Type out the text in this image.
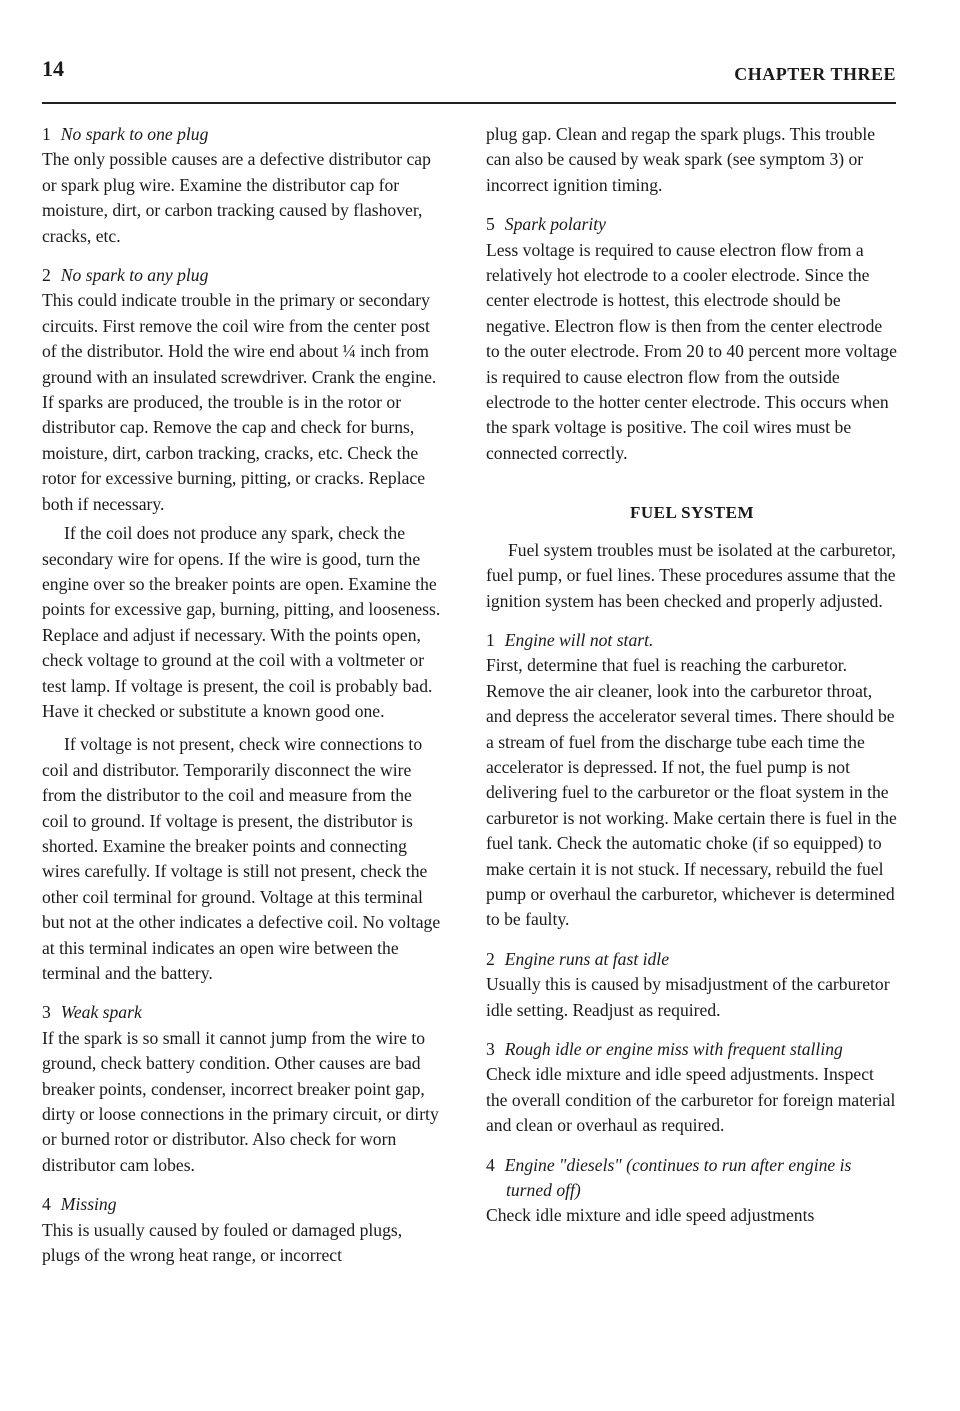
14	CHAPTER THREE
1 No spark to one plug

The only possible causes are a defective distributor cap or spark plug wire. Examine the distributor cap for moisture, dirt, or carbon tracking caused by flashover, cracks, etc.

2 No spark to any plug

This could indicate trouble in the primary or secondary circuits. First remove the coil wire from the center post of the distributor. Hold the wire end about ¼ inch from ground with an insulated screwdriver. Crank the engine. If sparks are produced, the trouble is in the rotor or distributor cap. Remove the cap and check for burns, moisture, dirt, carbon tracking, cracks, etc. Check the rotor for excessive burning, pitting, or cracks. Replace both if necessary.

If the coil does not produce any spark, check the secondary wire for opens. If the wire is good, turn the engine over so the breaker points are open. Examine the points for excessive gap, burning, pitting, and looseness. Replace and adjust if necessary. With the points open, check voltage to ground at the coil with a voltmeter or test lamp. If voltage is present, the coil is probably bad. Have it checked or substitute a known good one.

If voltage is not present, check wire connections to coil and distributor. Temporarily disconnect the wire from the distributor to the coil and measure from the coil to ground. If voltage is present, the distributor is shorted. Examine the breaker points and connecting wires carefully. If voltage is still not present, check the other coil terminal for ground. Voltage at this terminal but not at the other indicates a defective coil. No voltage at this terminal indicates an open wire between the terminal and the battery.

3 Weak spark

If the spark is so small it cannot jump from the wire to ground, check battery condition. Other causes are bad breaker points, condenser, incorrect breaker point gap, dirty or loose connections in the primary circuit, or dirty or burned rotor or distributor. Also check for worn distributor cam lobes.

4 Missing

This is usually caused by fouled or damaged plugs, plugs of the wrong heat range, or incorrect

plug gap. Clean and regap the spark plugs. This trouble can also be caused by weak spark (see symptom 3) or incorrect ignition timing.

5 Spark polarity

Less voltage is required to cause electron flow from a relatively hot electrode to a cooler electrode. Since the center electrode is hottest, this electrode should be negative. Electron flow is then from the center electrode to the outer electrode. From 20 to 40 percent more voltage is required to cause electron flow from the outside electrode to the hotter center electrode. This occurs when the spark voltage is positive. The coil wires must be connected correctly.

FUEL SYSTEM

Fuel system troubles must be isolated at the carburetor, fuel pump, or fuel lines. These procedures assume that the ignition system has been checked and properly adjusted.

1 Engine will not start.

First, determine that fuel is reaching the carburetor. Remove the air cleaner, look into the carburetor throat, and depress the accelerator several times. There should be a stream of fuel from the discharge tube each time the accelerator is depressed. If not, the fuel pump is not delivering fuel to the carburetor or the float system in the carburetor is not working. Make certain there is fuel in the fuel tank. Check the automatic choke (if so equipped) to make certain it is not stuck. If necessary, rebuild the fuel pump or overhaul the carburetor, whichever is determined to be faulty.

2 Engine runs at fast idle

Usually this is caused by misadjustment of the carburetor idle setting. Readjust as required.

3 Rough idle or engine miss with frequent stalling

Check idle mixture and idle speed adjustments. Inspect the overall condition of the carburetor for foreign material and clean or overhaul as required.

4 Engine "diesels" (continues to run after engine is turned off)

Check idle mixture and idle speed adjustments
